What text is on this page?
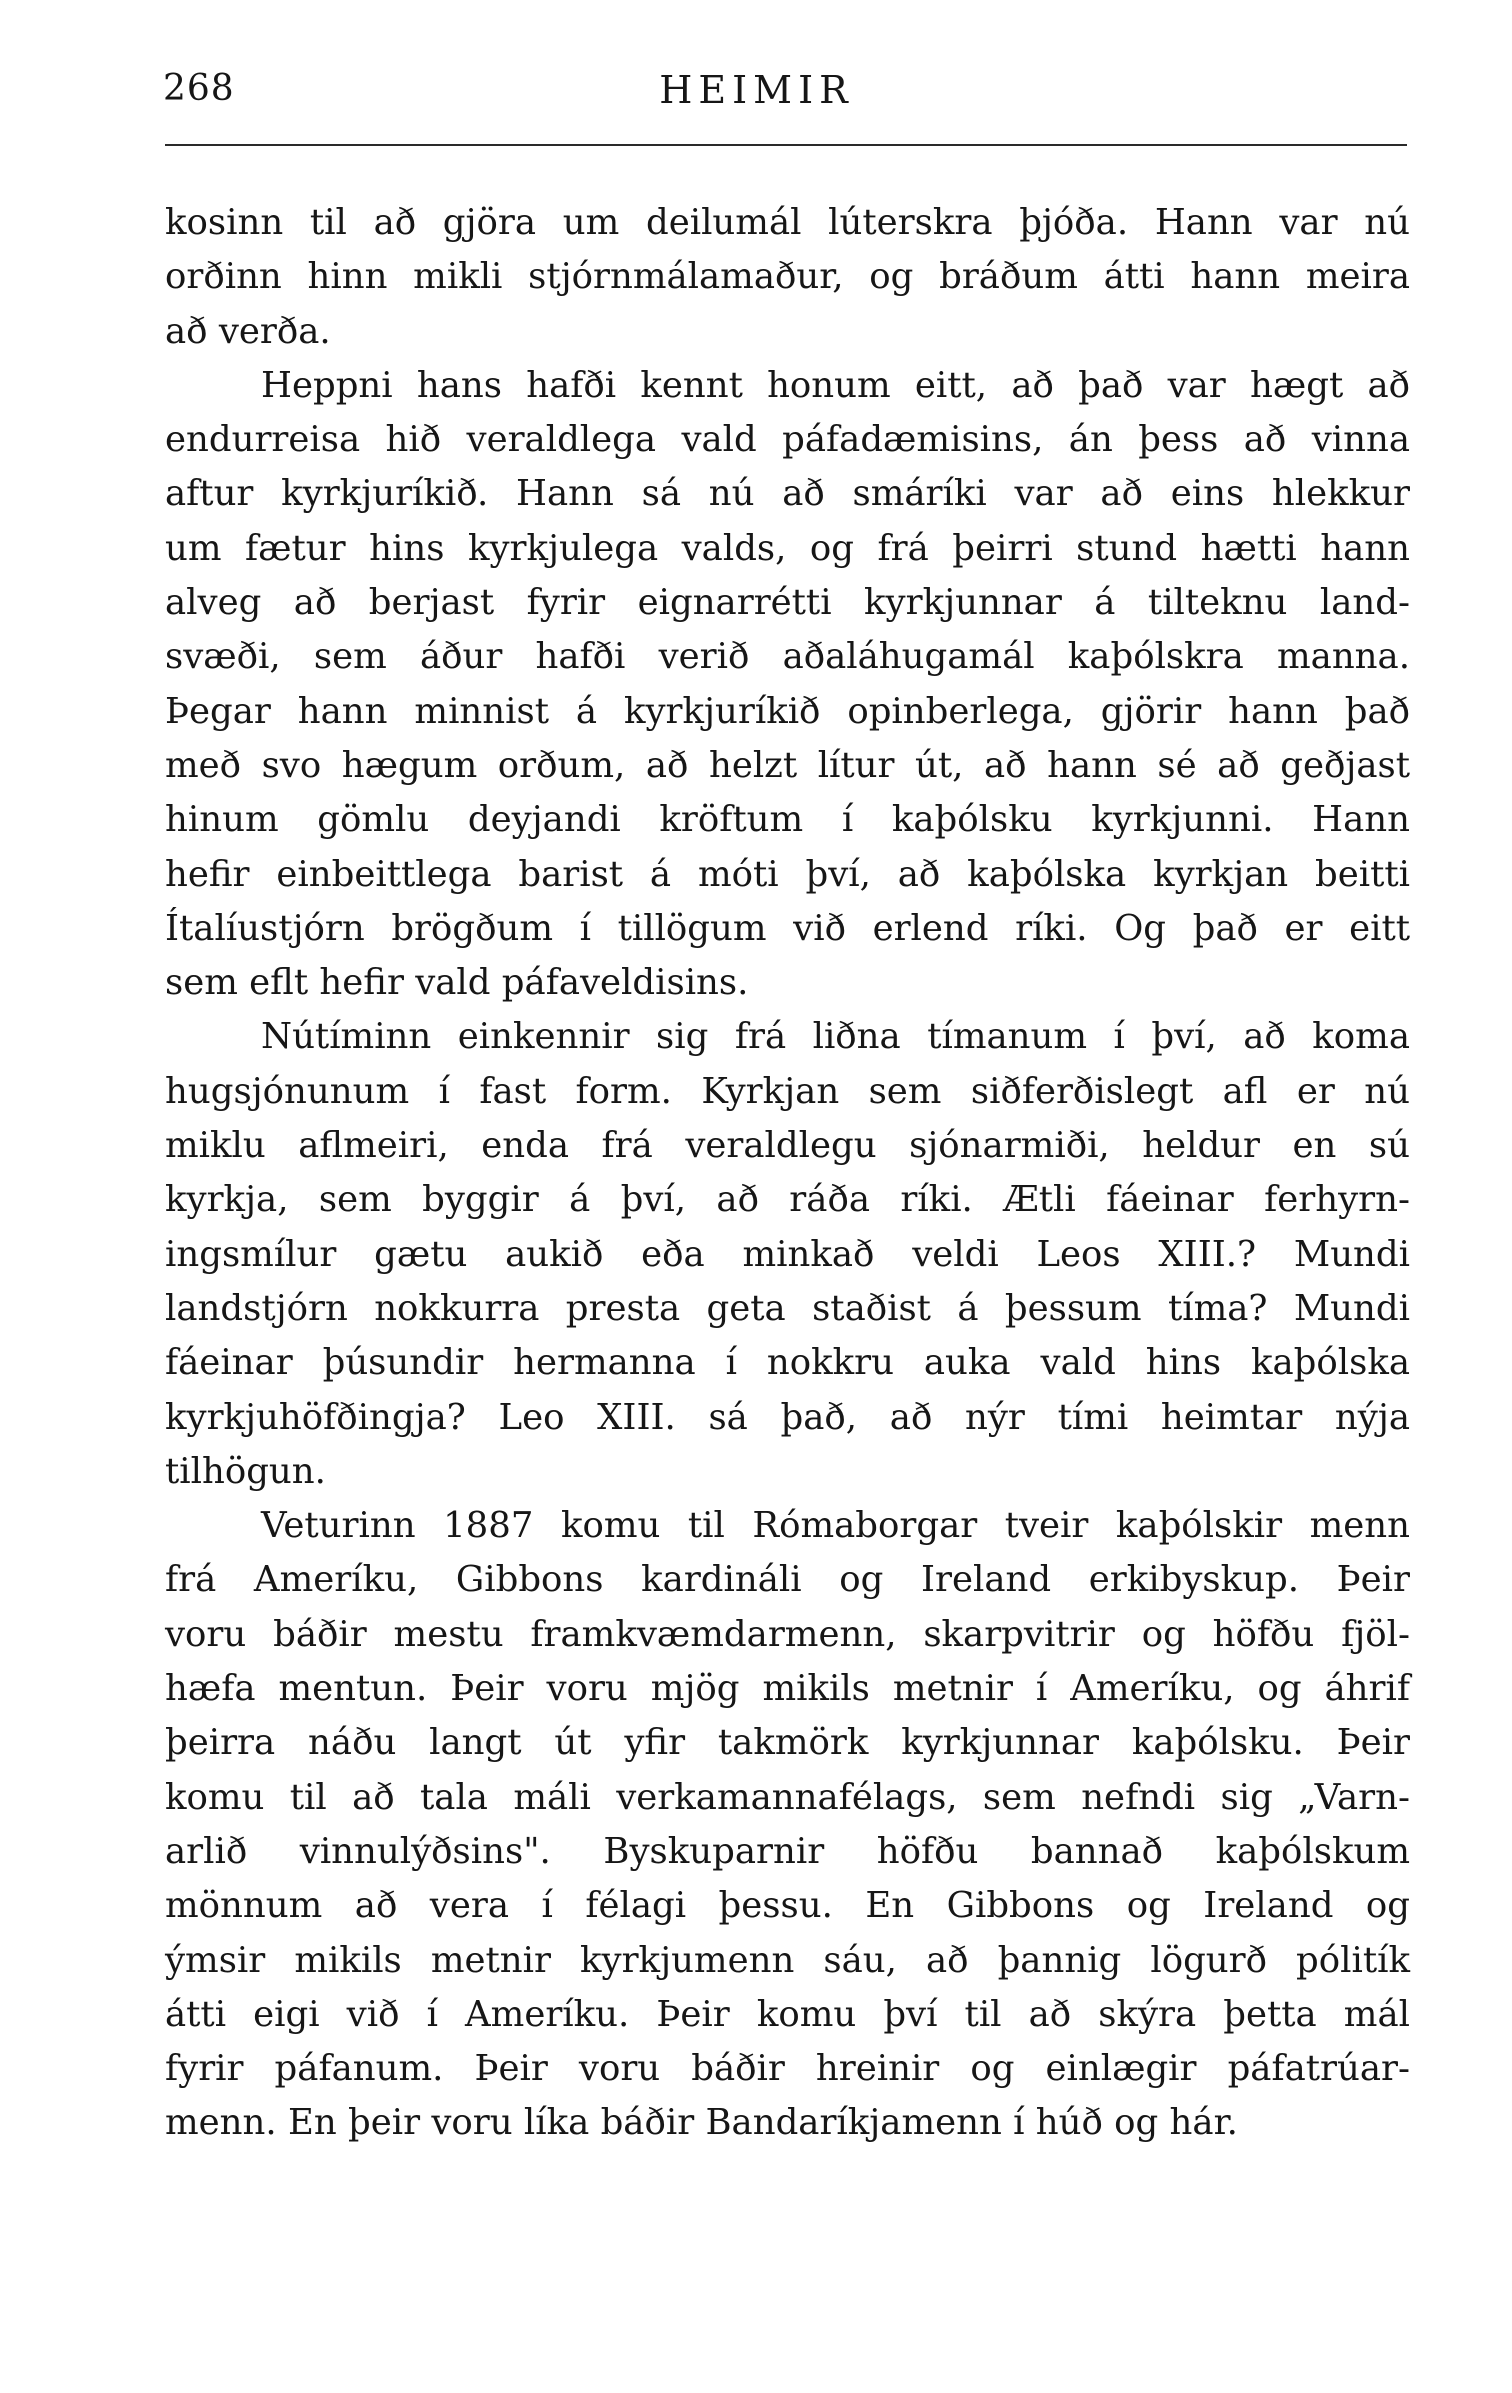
268	HEIMIR
kosinn til að gjöra um deilumál lúterskra þjóða. Hann var nú
orðinn hinn mikli stjórnmálamaður, og bráðum átti hann meira
að verða.
Heppni hans hafði kennt honum eitt, að það var hægt að
endurreisa hið veraldlega vald páfadæmisins, án þess að vinna
aftur kyrkjuríkið. Hann sá nú að smáríki var að eins hlekkur
um fætur hins kyrkjulega valds, og frá þeirri stund hætti hann
alveg að berjast fyrir eignarrétti kyrkjunnar á tilteknu land-
svæði, sem áður hafði verið aðaláhugamál kaþólskra manna.
Þegar hann minnist á kyrkjuríkið opinberlega, gjörir hann það
með svo hægum orðum, að helzt lítur út, að hann sé að geðjast
hinum gömlu deyjandi kröftum í kaþólsku kyrkjunni. Hann
hefir einbeittlega barist á móti því, að kaþólska kyrkjan beitti
Ítalíustjórn brögðum í tillögum við erlend ríki. Og það er eitt
sem eflt hefir vald páfaveldisins.
Nútíminn einkennir sig frá liðna tímanum í því, að koma
hugsjónunum í fast form. Kyrkjan sem siðferðislegt afl er nú
miklu aflmeiri, enda frá veraldlegu sjónarmiði, heldur en sú
kyrkja, sem byggir á því, að ráða ríki. Ætli fáeinar ferhyrn-
ingsmílur gætu aukið eða minkað veldi Leos XIII.? Mundi
landstjórn nokkurra presta geta staðist á þessum tíma? Mundi
fáeinar þúsundir hermanna í nokkru auka vald hins kaþólska
kyrkjuhöfðingja? Leo XIII. sá það, að nýr tími heimtar nýja
tilhögun.
Veturinn 1887 komu til Rómaborgar tveir kaþólskir menn
frá Ameríku, Gibbons kardináli og Ireland erkibyskup. Þeir
voru báðir mestu framkvæmdarmenn, skarpvitrir og höfðu fjöl-
hæfa mentun. Þeir voru mjög mikils metnir í Ameríku, og áhrif
þeirra náðu langt út yfir takmörk kyrkjunnar kaþólsku. Þeir
komu til að tala máli verkamannafélags, sem nefndi sig „Varn-
arlið vinnulýðsins". Byskuparnir höfðu bannað kaþólskum
mönnum að vera í félagi þessu. En Gibbons og Ireland og
ýmsir mikils metnir kyrkjumenn sáu, að þannig lögurð pólitík
átti eigi við í Ameríku. Þeir komu því til að skýra þetta mál
fyrir páfanum. Þeir voru báðir hreinir og einlægir páfatrúar-
menn. En þeir voru líka báðir Bandaríkjamenn í húð og hár.
